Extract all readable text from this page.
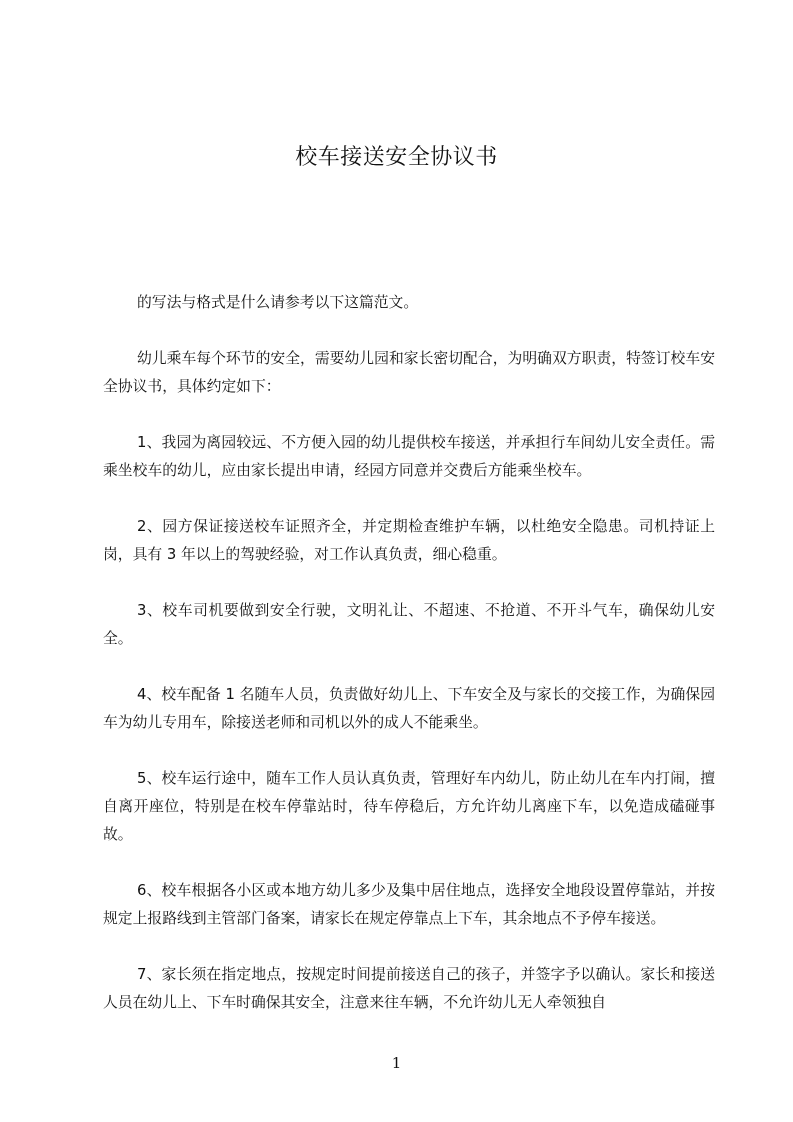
校车接送安全协议书

的写法与格式是什么请参考以下这篇范文。

幼儿乘车每个环节的安全，需要幼儿园和家长密切配合，为明确双方职责，特签订校车安全协议书，具体约定如下：

1、我园为离园较远、不方便入园的幼儿提供校车接送，并承担行车间幼儿安全责任。需乘坐校车的幼儿，应由家长提出申请，经园方同意并交费后方能乘坐校车。

2、园方保证接送校车证照齐全，并定期检查维护车辆，以杜绝安全隐患。司机持证上岗，具有 3 年以上的驾驶经验，对工作认真负责，细心稳重。

3、校车司机要做到安全行驶，文明礼让、不超速、不抢道、不开斗气车，确保幼儿安全。

4、校车配备 1 名随车人员，负责做好幼儿上、下车安全及与家长的交接工作，为确保园车为幼儿专用车，除接送老师和司机以外的成人不能乘坐。

5、校车运行途中，随车工作人员认真负责，管理好车内幼儿，防止幼儿在车内打闹，擅自离开座位，特别是在校车停靠站时，待车停稳后，方允许幼儿离座下车，以免造成磕碰事故。

6、校车根据各小区或本地方幼儿多少及集中居住地点，选择安全地段设置停靠站，并按规定上报路线到主管部门备案，请家长在规定停靠点上下车，其余地点不予停车接送。

7、家长须在指定地点，按规定时间提前接送自己的孩子，并签字予以确认。家长和接送人员在幼儿上、下车时确保其安全，注意来往车辆，不允许幼儿无人牵领独自

1
